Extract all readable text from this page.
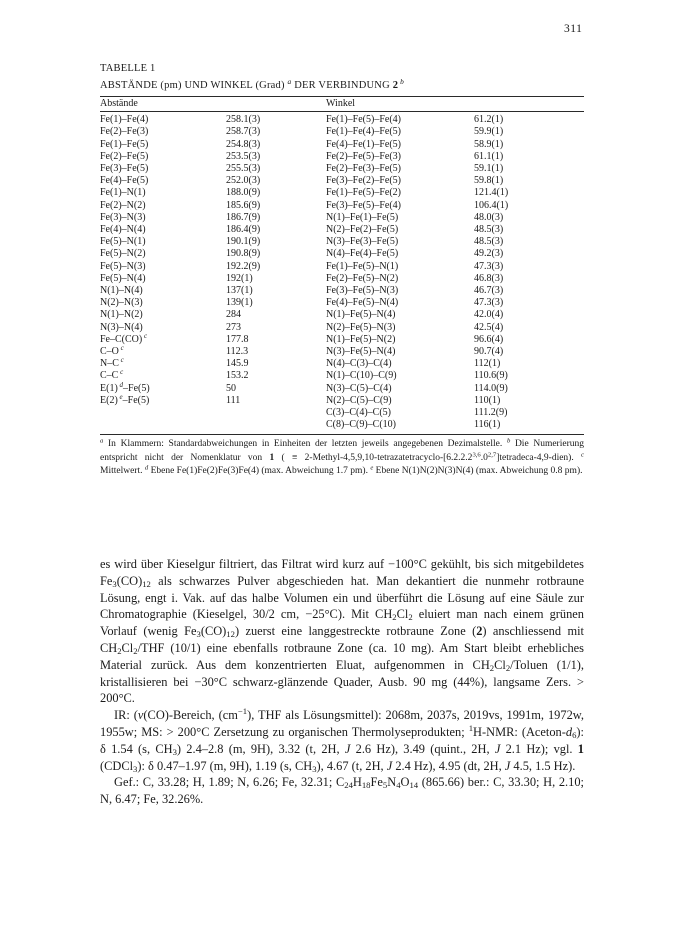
311
TABELLE 1
ABSTÄNDE (pm) UND WINKEL (Grad) $^a$ DER VERBINDUNG 2 $^b$
Abstände		Winkel	

Fe(1)–Fe(4)	258.1(3)	Fe(1)–Fe(5)–Fe(4)	61.2(1)
Fe(2)–Fe(3)	258.7(3)	Fe(1)–Fe(4)–Fe(5)	59.9(1)
Fe(1)–Fe(5)	254.8(3)	Fe(4)–Fe(1)–Fe(5)	58.9(1)
Fe(2)–Fe(5)	253.5(3)	Fe(2)–Fe(5)–Fe(3)	61.1(1)
Fe(3)–Fe(5)	255.5(3)	Fe(2)–Fe(3)–Fe(5)	59.1(1)
Fe(4)–Fe(5)	252.0(3)	Fe(3)–Fe(2)–Fe(5)	59.8(1)
Fe(1)–N(1)	188.0(9)	Fe(1)–Fe(5)–Fe(2)	121.4(1)
Fe(2)–N(2)	185.6(9)	Fe(3)–Fe(5)–Fe(4)	106.4(1)
Fe(3)–N(3)	186.7(9)	N(1)–Fe(1)–Fe(5)	48.0(3)
Fe(4)–N(4)	186.4(9)	N(2)–Fe(2)–Fe(5)	48.5(3)
Fe(5)–N(1)	190.1(9)	N(3)–Fe(3)–Fe(5)	48.5(3)
Fe(5)–N(2)	190.8(9)	N(4)–Fe(4)–Fe(5)	49.2(3)
Fe(5)–N(3)	192.2(9)	Fe(1)–Fe(5)–N(1)	47.3(3)
Fe(5)–N(4)	192(1)	Fe(2)–Fe(5)–N(2)	46.8(3)
N(1)–N(4)	137(1)	Fe(3)–Fe(5)–N(3)	46.7(3)
N(2)–N(3)	139(1)	Fe(4)–Fe(5)–N(4)	47.3(3)
N(1)–N(2)	284	N(1)–Fe(5)–N(4)	42.0(4)
N(3)–N(4)	273	N(2)–Fe(5)–N(3)	42.5(4)
Fe–C(CO) $^c$	177.8	N(1)–Fe(5)–N(2)	96.6(4)
C–O $^c$	112.3	N(3)–Fe(5)–N(4)	90.7(4)
N–C $^c$	145.9	N(4)–C(3)–C(4)	112(1)
C–C $^c$	153.2	N(1)–C(10)–C(9)	110.6(9)
E(1) $^d$–Fe(5)	50	N(3)–C(5)–C(4)	114.0(9)
E(2) $^e$–Fe(5)	111	N(2)–C(5)–C(9)	110(1)
		C(3)–C(4)–C(5)	111.2(9)
		C(8)–C(9)–C(10)	116(1)
$^a$ In Klammern: Standardabweichungen in Einheiten der letzten jeweils angegebenen Dezimalstelle. $^b$ Die Numerierung entspricht nicht der Nomenklatur von 1 ( ≡ $2-Methyl-4,5,9,10-tetrazatetracyclo-[6.2.2.2^{3,6}.0^{2,7}]tetradeca-4,9-dien$). $^c$ Mittelwert. $^d$ Ebene Fe(1)Fe(2)Fe(3)Fe(4) (max. Abweichung 1.7 pm). $^e$ Ebene N(1)N(2)N(3)N(4) (max. Abweichung 0.8 pm).

es wird über Kieselgur filtriert, das Filtrat wird kurz auf −100°C gekühlt, bis sich mitgebildetes $Fe_3(CO)_{12}$ als schwarzes Pulver abgeschieden hat. Man dekantiert die nunmehr rotbraune Lösung, engt i. Vak. auf das halbe Volumen ein und überführt die Lösung auf eine Säule zur Chromatographie (Kieselgel, 30/2 cm, −25°C). Mit $CH_2Cl_2$ eluiert man nach einem grünen Vorlauf (wenig $Fe_3(CO)_{12}$) zuerst eine langgestreckte rotbraune Zone (2) anschliessend mit $CH_2Cl_2$/THF (10/1) eine ebenfalls rotbraune Zone (ca. 10 mg). Am Start bleibt erhebliches Material zurück. Aus dem konzentrierten Eluat, aufgenommen in $CH_2Cl_2$/Toluen (1/1), kristallisieren bei −30°C schwarz-glänzende Quader, Ausb. 90 mg (44%), langsame Zers. > 200°C.

IR: (ν(CO)-Bereich, $(cm^{-1})$, THF als Lösungsmittel): 2068m, 2037s, 2019vs, 1991m, 1972w, 1955w; MS: > 200°C Zersetzung zu organischen Thermolyseprodukten; $^1$H-NMR: $(Aceton-d_6)$: δ 1.54 (s, $CH_3$) 2.4–2.8 (m, 9H), 3.32 (t, 2H, J 2.6 Hz), 3.49 (quint., 2H, J 2.1 Hz); vgl. 1 (CDCl$_3$): δ 0.47–1.97 (m, 9H), 1.19 (s, $CH_3$), 4.67 (t, 2H, J 2.4 Hz), 4.95 (dt, 2H, J 4.5, 1.5 Hz).

Gef.: C, 33.28; H, 1.89; N, 6.26; Fe, 32.31; $C_{24}H_{18}Fe_5N_4O_{14}$ (865.66) ber.: C, 33.30; H, 2.10; N, 6.47; Fe, 32.26%.
